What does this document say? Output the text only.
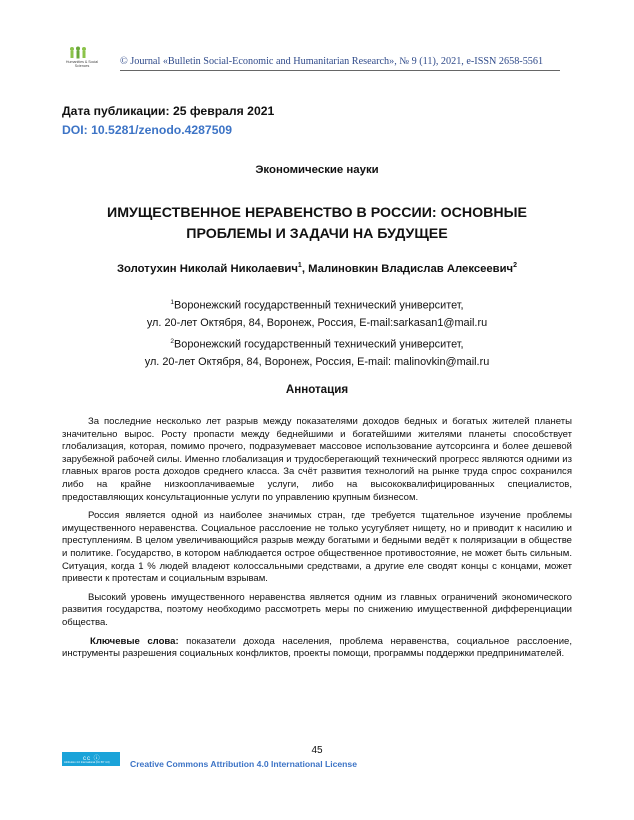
Humanities & Social Sciences	© Journal «Bulletin Social-Economic and Humanitarian Research», № 9 (11), 2021, e-ISSN 2658-5561
Дата публикации: 25 февраля 2021
DOI: 10.5281/zenodo.4287509
Экономические науки
ИМУЩЕСТВЕННОЕ НЕРАВЕНСТВО В РОССИИ: ОСНОВНЫЕ ПРОБЛЕМЫ И ЗАДАЧИ НА БУДУЩЕЕ
Золотухин Николай Николаевич$^1$, Малиновкин Владислав Алексеевич$^2$
$^1$Воронежский государственный технический университет,
ул. 20-лет Октября, 84, Воронеж, Россия, E-mail:sarkasan1@mail.ru
$^2$Воронежский государственный технический университет,
ул. 20-лет Октября, 84, Воронеж, Россия, E-mail: malinovkin@mail.ru
Аннотация

За последние несколько лет разрыв между показателями доходов бедных и богатых жителей планеты значительно вырос. Росту пропасти между беднейшими и богатейшими жителями планеты способствует глобализация, которая, помимо прочего, подразумевает массовое использование аутсорсинга и более дешевой зарубежной рабочей силы. Именно глобализация и трудосберегающий технический прогресс являются одними из главных врагов роста доходов среднего класса. За счёт развития технологий на рынке труда спрос сохранился либо на крайне низкооплачиваемые услуги, либо на высококвалифицированных специалистов, предоставляющих консультационные услуги по управлению крупным бизнесом.

Россия является одной из наиболее значимых стран, где требуется тщательное изучение проблемы имущественного неравенства. Социальное расслоение не только усугубляет нищету, но и приводит к насилию и преступлениям. В целом увеличивающийся разрыв между богатыми и бедными ведёт к поляризации в обществе и политике. Государство, в котором наблюдается острое общественное противостояние, не может быть сильным. Ситуация, когда 1 % людей владеют колоссальными средствами, а другие еле сводят концы с концами, может привести к протестам и социальным взрывам.

Высокий уровень имущественного неравенства является одним из главных ограничений экономического развития государства, поэтому необходимо рассмотреть меры по снижению имущественной дифференциации общества.

Ключевые слова: показатели дохода населения, проблема неравенства, социальное расслоение, инструменты разрешения социальных конфликтов, проекты помощи, программы поддержки предпринимателей.

45
cc ⓘ
Attribution 4.0 International (CC BY 4.0)	Creative Commons Attribution 4.0 International License
